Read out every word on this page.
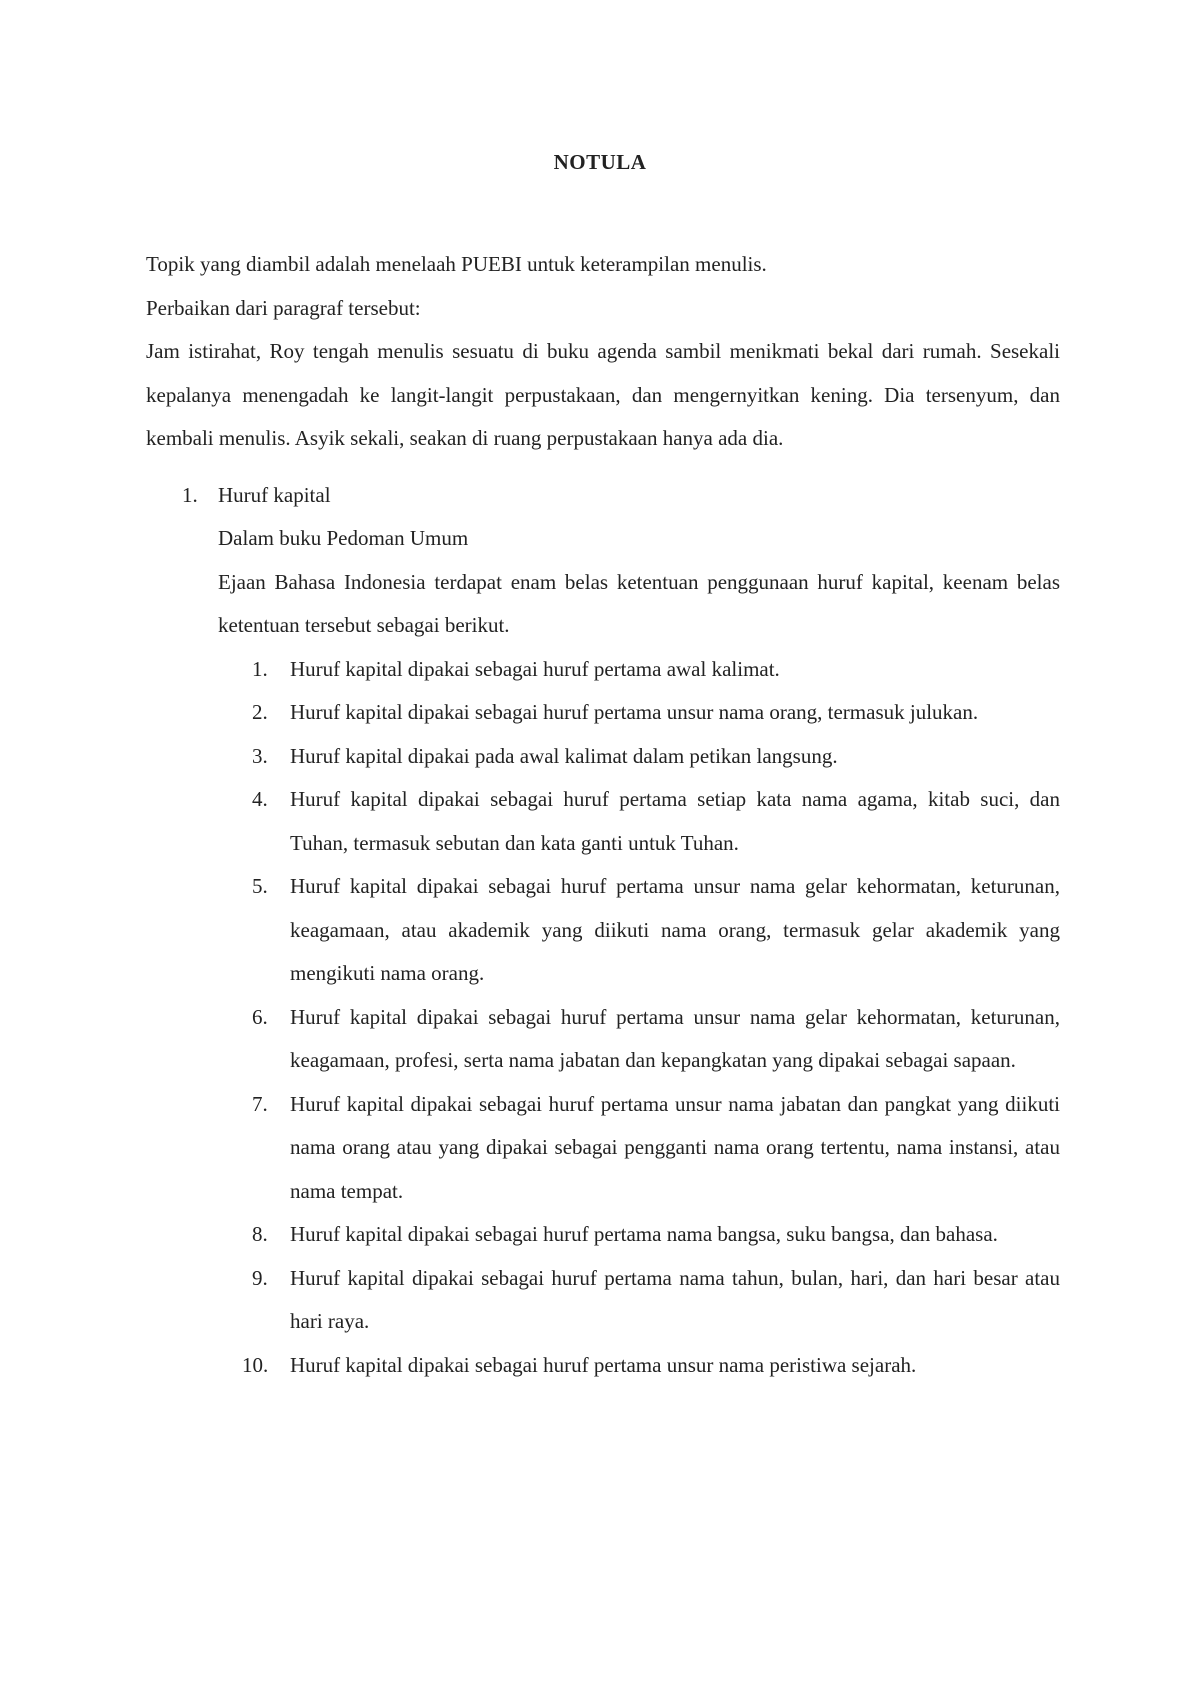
NOTULA

Topik yang diambil adalah menelaah PUEBI untuk keterampilan menulis.

Perbaikan dari paragraf tersebut:

Jam istirahat, Roy tengah menulis sesuatu di buku agenda sambil menikmati bekal dari rumah. Sesekali kepalanya menengadah ke langit-langit perpustakaan, dan mengernyitkan kening. Dia tersenyum, dan kembali menulis. Asyik sekali, seakan di ruang perpustakaan hanya ada dia.

1. Huruf kapital

Dalam buku Pedoman Umum

Ejaan Bahasa Indonesia terdapat enam belas ketentuan penggunaan huruf kapital, keenam belas ketentuan tersebut sebagai berikut.

1.	Huruf kapital dipakai sebagai huruf pertama awal kalimat.

2.	Huruf kapital dipakai sebagai huruf pertama unsur nama orang, termasuk julukan.

3.	Huruf kapital dipakai pada awal kalimat dalam petikan langsung.

4.	Huruf kapital dipakai sebagai huruf pertama setiap kata nama agama, kitab suci, dan Tuhan, termasuk sebutan dan kata ganti untuk Tuhan.

5.	Huruf kapital dipakai sebagai huruf pertama unsur nama gelar kehormatan, keturunan, keagamaan, atau akademik yang diikuti nama orang, termasuk gelar akademik yang mengikuti nama orang.

6.	Huruf kapital dipakai sebagai huruf pertama unsur nama gelar kehormatan, keturunan, keagamaan, profesi, serta nama jabatan dan kepangkatan yang dipakai sebagai sapaan.

7.	Huruf kapital dipakai sebagai huruf pertama unsur nama jabatan dan pangkat yang diikuti nama orang atau yang dipakai sebagai pengganti nama orang tertentu, nama instansi, atau nama tempat.

8.	Huruf kapital dipakai sebagai huruf pertama nama bangsa, suku bangsa, dan bahasa.

9.	Huruf kapital dipakai sebagai huruf pertama nama tahun, bulan, hari, dan hari besar atau hari raya.

10.	Huruf kapital dipakai sebagai huruf pertama unsur nama peristiwa sejarah.
